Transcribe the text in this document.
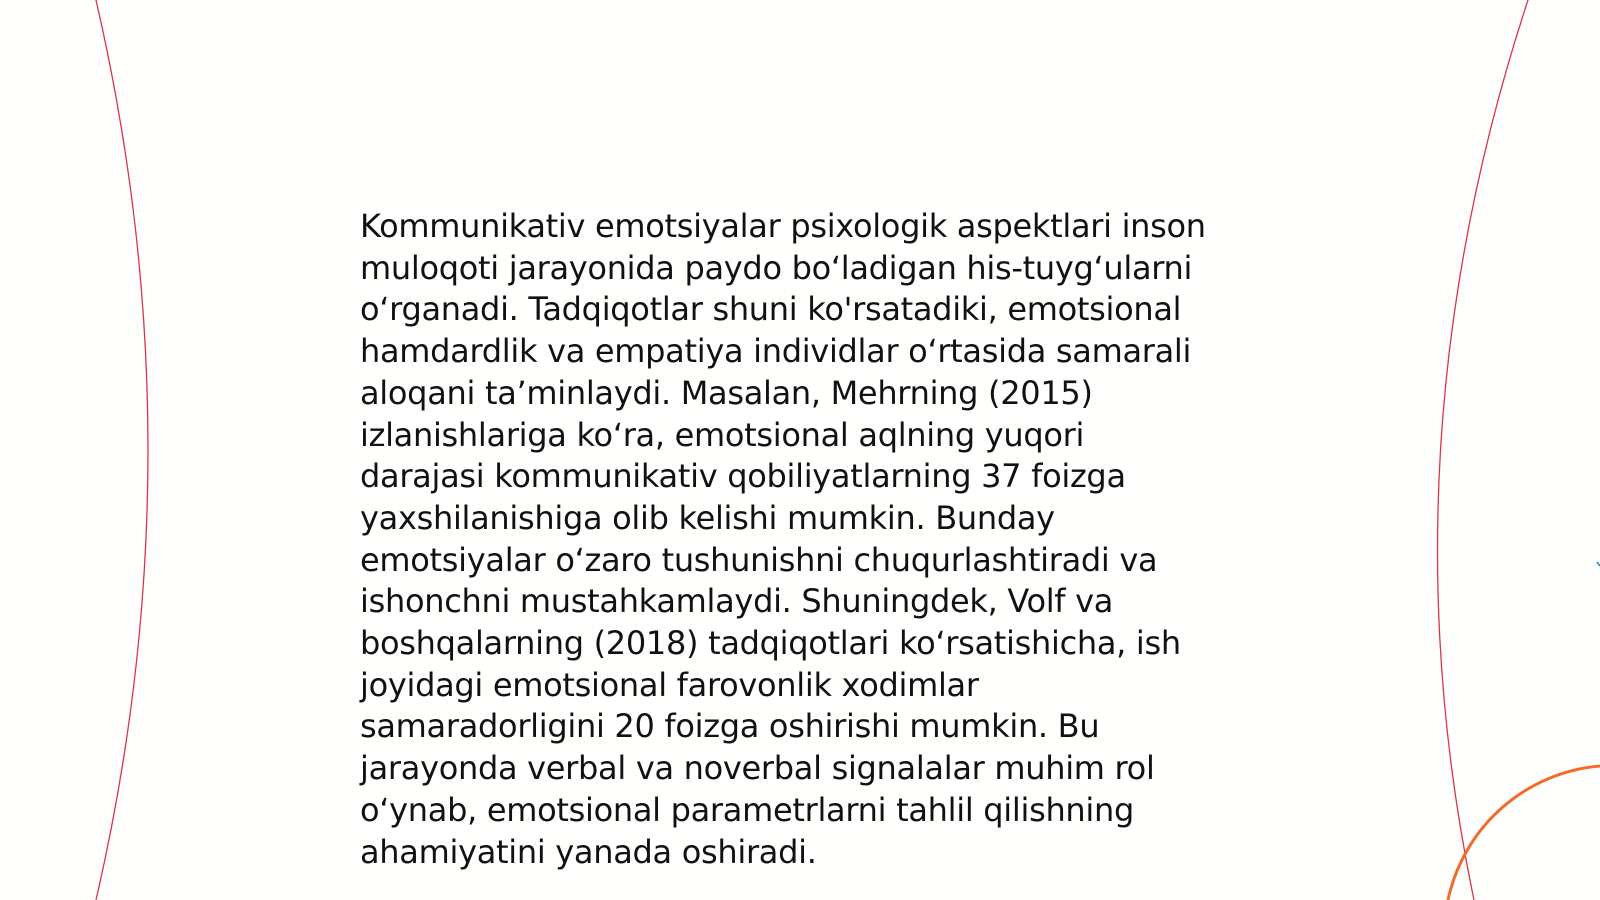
Kommunikativ emotsiyalar psixologik aspektlari inson
muloqoti jarayonida paydo bo‘ladigan his-tuyg‘ularni
o‘rganadi. Tadqiqotlar shuni ko'rsatadiki, emotsional
hamdardlik va empatiya individlar o‘rtasida samarali
aloqani ta’minlaydi. Masalan, Mehrning (2015)
izlanishlariga ko‘ra, emotsional aqlning yuqori
darajasi kommunikativ qobiliyatlarning 37 foizga
yaxshilanishiga olib kelishi mumkin. Bunday
emotsiyalar o‘zaro tushunishni chuqurlashtiradi va
ishonchni mustahkamlaydi. Shuningdek, Volf va
boshqalarning (2018) tadqiqotlari ko‘rsatishicha, ish
joyidagi emotsional farovonlik xodimlar
samaradorligini 20 foizga oshirishi mumkin. Bu
jarayonda verbal va noverbal signalalar muhim rol
o‘ynab, emotsional parametrlarni tahlil qilishning
ahamiyatini yanada oshiradi.
